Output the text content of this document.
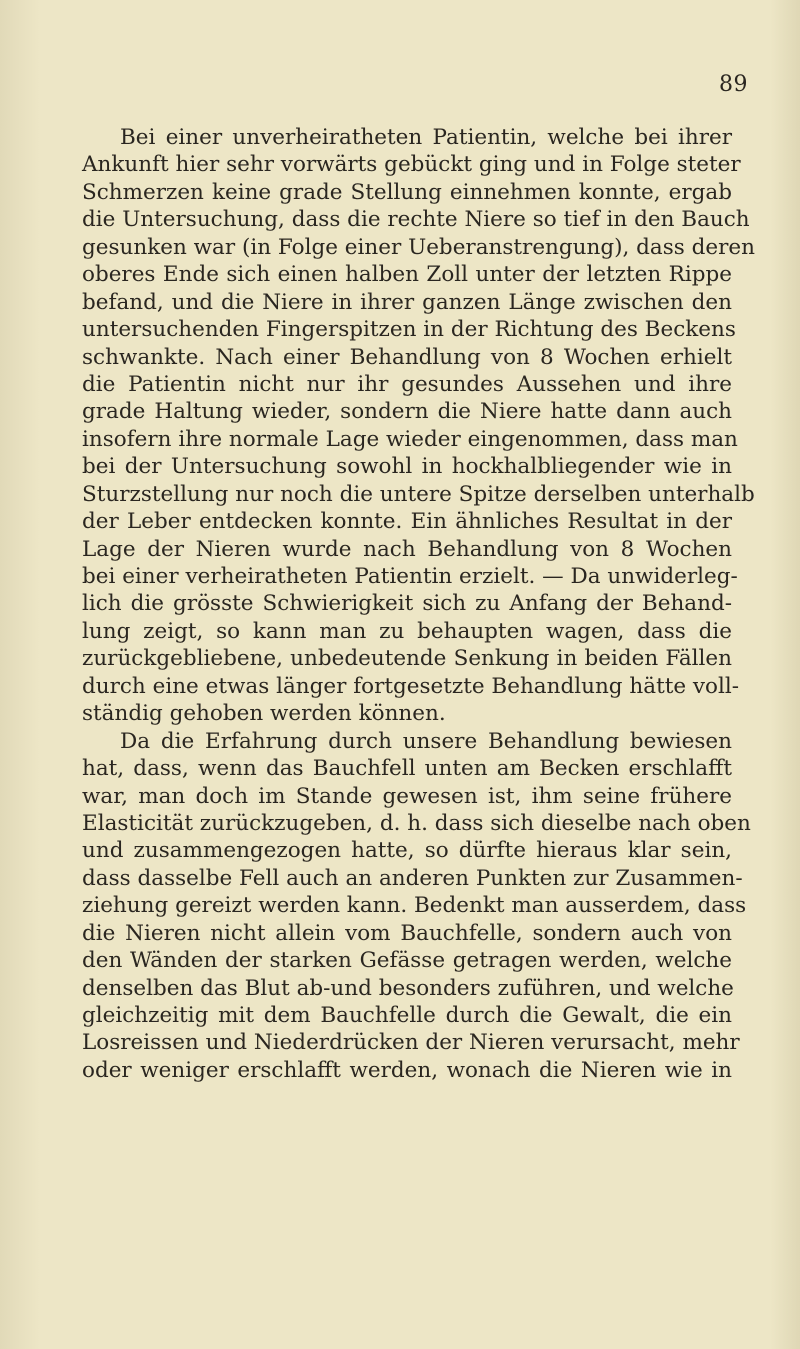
89
Bei einer unverheiratheten Patientin, welche bei ihrer
Ankunft hier sehr vorwärts gebückt ging und in Folge steter
Schmerzen keine grade Stellung einnehmen konnte, ergab
die Untersuchung, dass die rechte Niere so tief in den Bauch
gesunken war (in Folge einer Ueberanstrengung), dass deren
oberes Ende sich einen halben Zoll unter der letzten Rippe
befand, und die Niere in ihrer ganzen Länge zwischen den
untersuchenden Fingerspitzen in der Richtung des Beckens
schwankte. Nach einer Behandlung von 8 Wochen erhielt
die Patientin nicht nur ihr gesundes Aussehen und ihre
grade Haltung wieder, sondern die Niere hatte dann auch
insofern ihre normale Lage wieder eingenommen, dass man
bei der Untersuchung sowohl in hockhalbliegender wie in
Sturzstellung nur noch die untere Spitze derselben unterhalb
der Leber entdecken konnte. Ein ähnliches Resultat in der
Lage der Nieren wurde nach Behandlung von 8 Wochen
bei einer verheiratheten Patientin erzielt. — Da unwiderleg-
lich die grösste Schwierigkeit sich zu Anfang der Behand-
lung zeigt, so kann man zu behaupten wagen, dass die
zurückgebliebene, unbedeutende Senkung in beiden Fällen
durch eine etwas länger fortgesetzte Behandlung hätte voll-
ständig gehoben werden können.
Da die Erfahrung durch unsere Behandlung bewiesen
hat, dass, wenn das Bauchfell unten am Becken erschlafft
war, man doch im Stande gewesen ist, ihm seine frühere
Elasticität zurückzugeben, d. h. dass sich dieselbe nach oben
und zusammengezogen hatte, so dürfte hieraus klar sein,
dass dasselbe Fell auch an anderen Punkten zur Zusammen-
ziehung gereizt werden kann. Bedenkt man ausserdem, dass
die Nieren nicht allein vom Bauchfelle, sondern auch von
den Wänden der starken Gefässe getragen werden, welche
denselben das Blut ab-und besonders zuführen, und welche
gleichzeitig mit dem Bauchfelle durch die Gewalt, die ein
Losreissen und Niederdrücken der Nieren verursacht, mehr
oder weniger erschlafft werden, wonach die Nieren wie in
